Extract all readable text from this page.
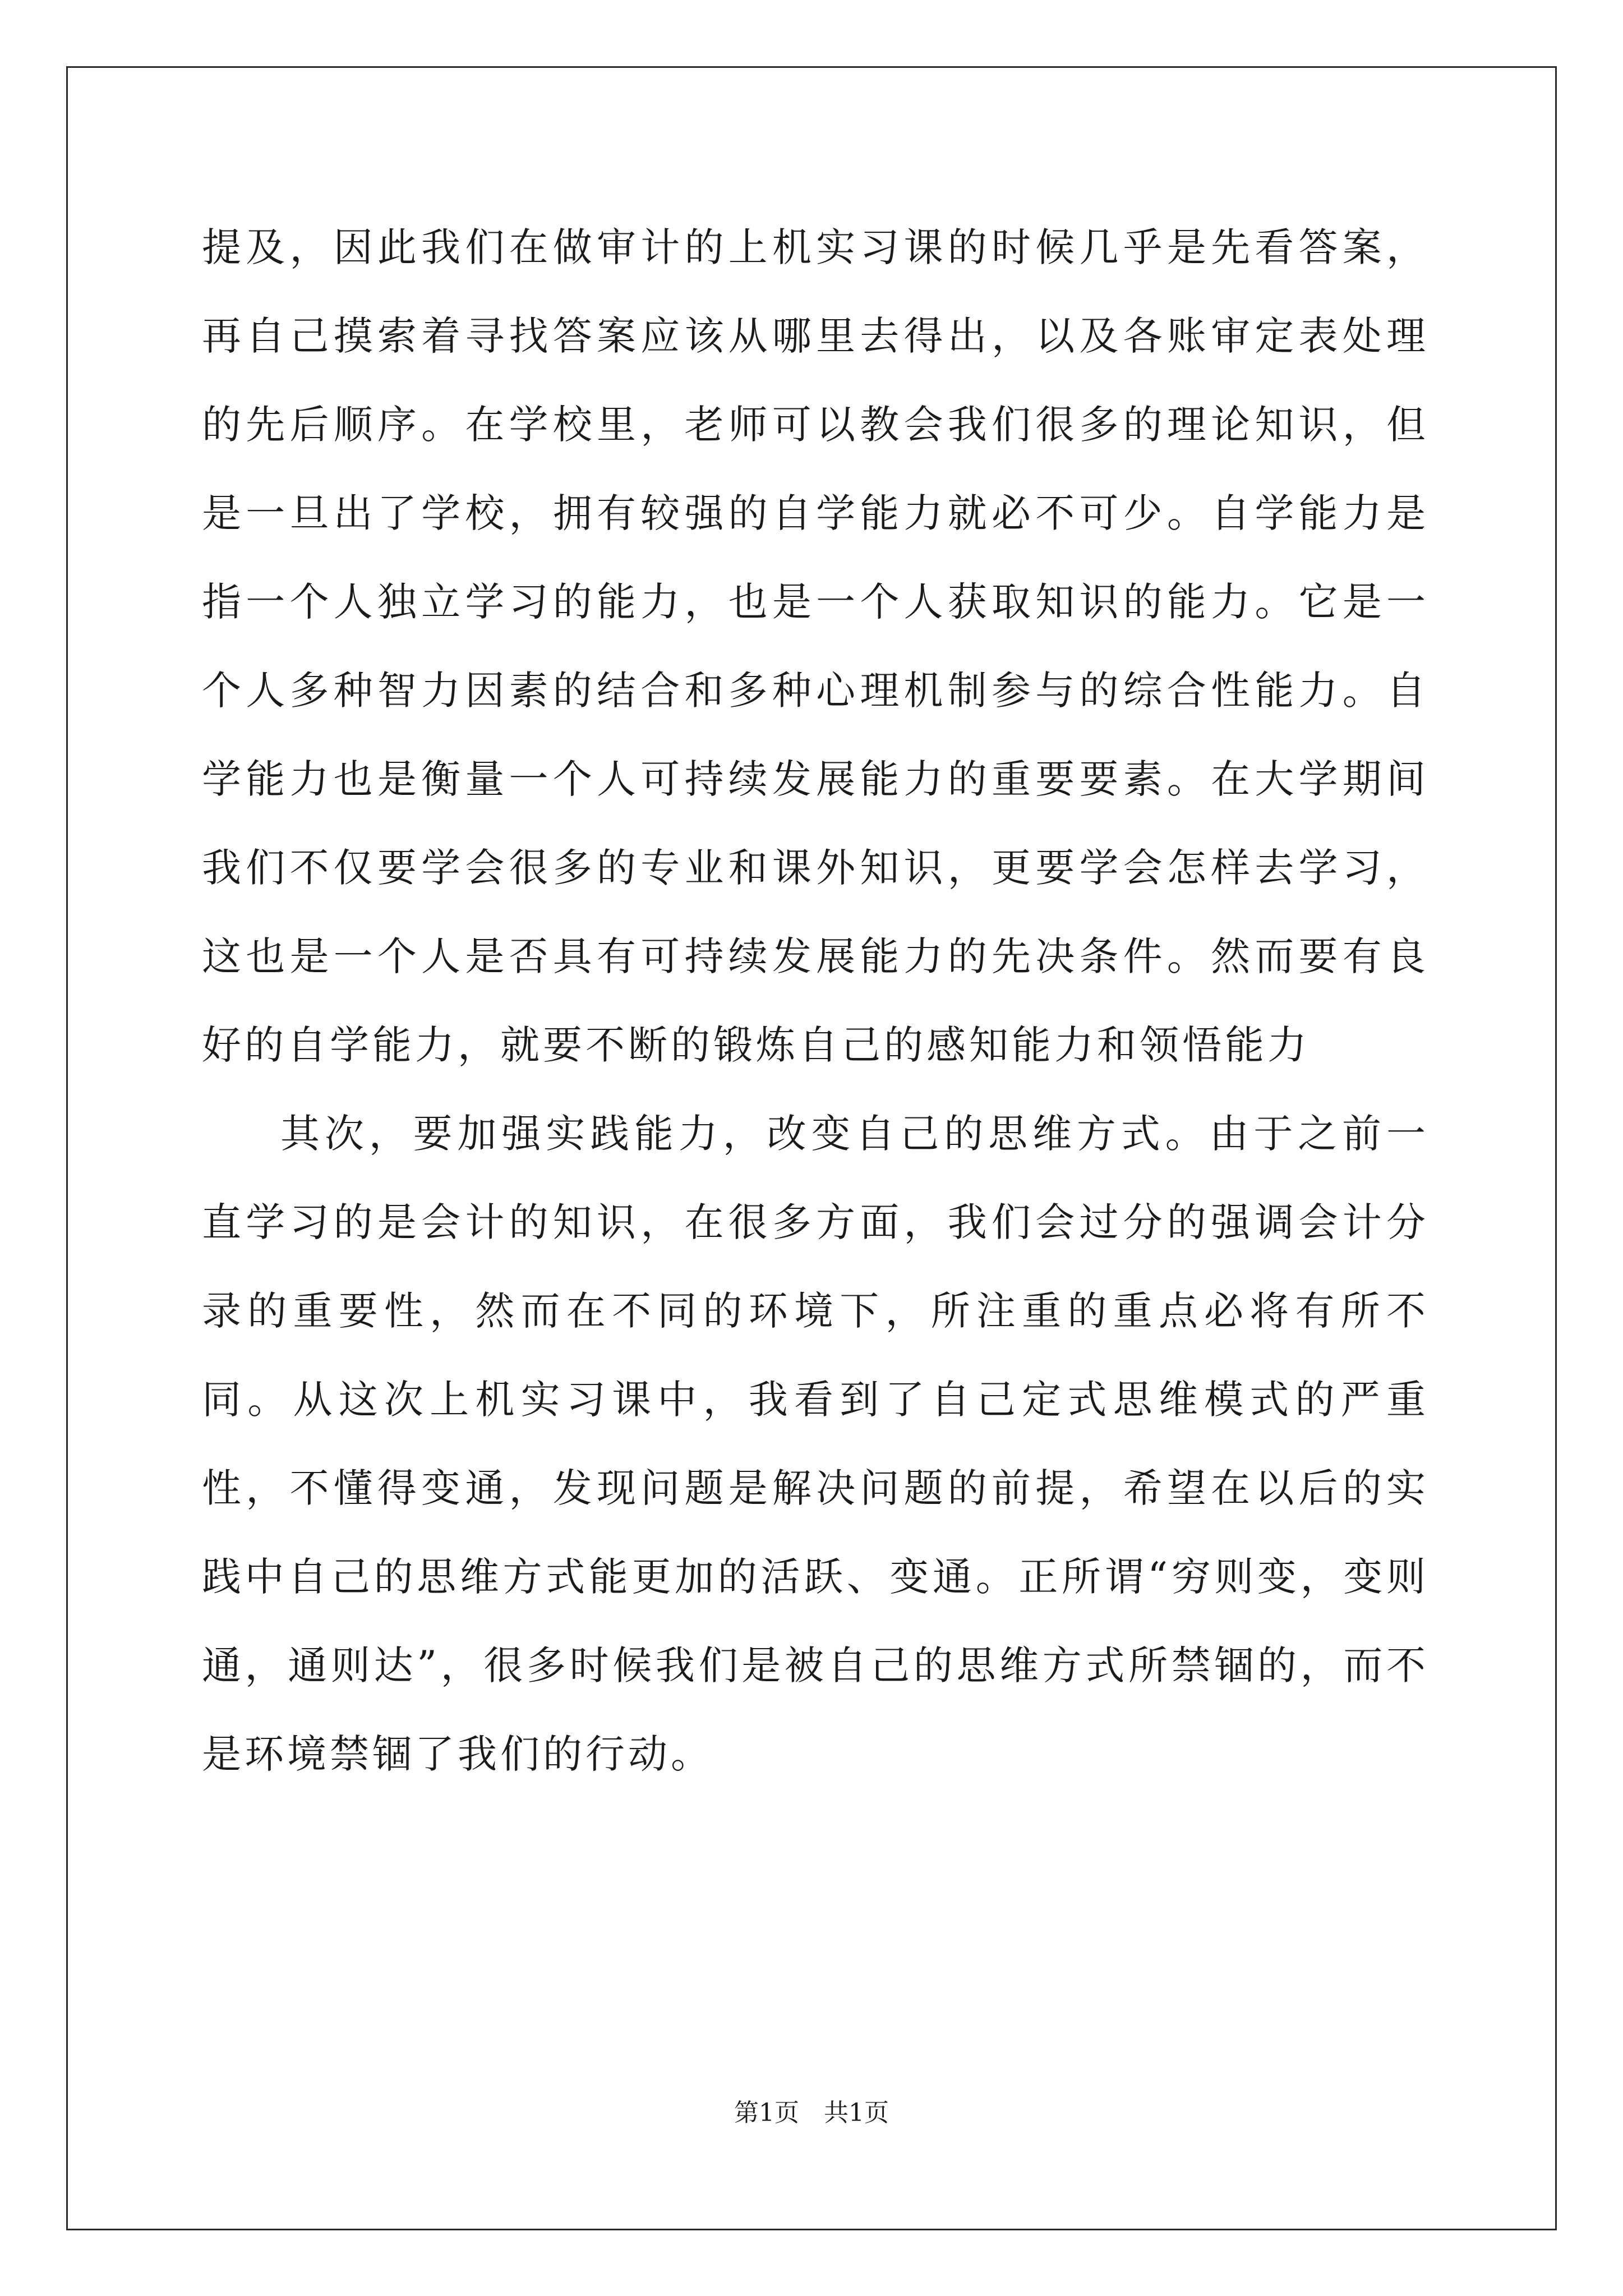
提及，因此我们在做审计的上机实习课的时候几乎是先看答案，再自己摸索着寻找答案应该从哪里去得出，以及各账审定表处理的先后顺序。在学校里，老师可以教会我们很多的理论知识，但是一旦出了学校，拥有较强的自学能力就必不可少。自学能力是指一个人独立学习的能力，也是一个人获取知识的能力。它是一个人多种智力因素的结合和多种心理机制参与的综合性能力。自学能力也是衡量一个人可持续发展能力的重要要素。在大学期间我们不仅要学会很多的专业和课外知识，更要学会怎样去学习，这也是一个人是否具有可持续发展能力的先决条件。然而要有良好的自学能力，就要不断的锻炼自己的感知能力和领悟能力

其次，要加强实践能力，改变自己的思维方式。由于之前一直学习的是会计的知识，在很多方面，我们会过分的强调会计分录的重要性，然而在不同的环境下，所注重的重点必将有所不同。从这次上机实习课中，我看到了自己定式思维模式的严重性，不懂得变通，发现问题是解决问题的前提，希望在以后的实践中自己的思维方式能更加的活跃、变通。正所谓“穷则变，变则通，通则达”，很多时候我们是被自己的思维方式所禁锢的，而不是环境禁锢了我们的行动。

第1页 共1页
